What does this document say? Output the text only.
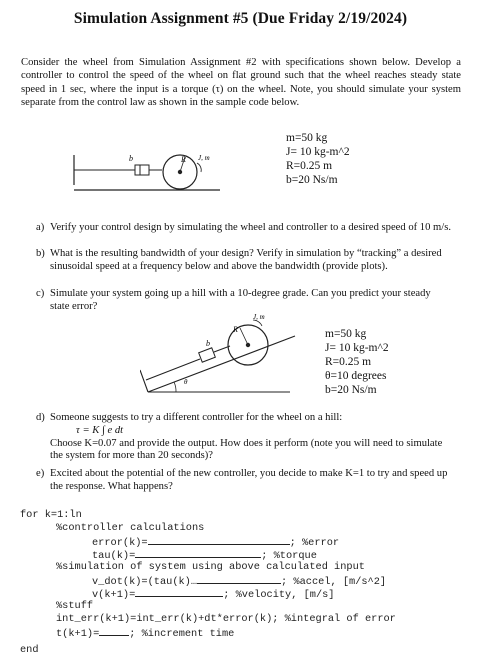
Simulation Assignment #5 (Due Friday 2/19/2024)
Consider the wheel from Simulation Assignment #2 with specifications shown below. Develop a controller to control the speed of the wheel on flat ground such that the wheel reaches steady state speed in 1 sec, where the input is a torque (τ) on the wheel. Note, you should simulate your system separate from the control law as shown in the sample code below.
b	R J, m
m=50 kg
J= 10 kg-m^2
R=0.25 m
b=20 Ns/m
a) Verify your control design by simulating the wheel and controller to a desired speed of 10 m/s.
b) What is the resulting bandwidth of your design? Verify in simulation by “tracking” a desired sinusoidal speed at a frequency below and above the bandwidth (provide plots).
c) Simulate your system going up a hill with a 10-degree grade. Can you predict your steady state error?
b
R
J, m
θ
m=50 kg
J= 10 kg-m^2
R=0.25 m
θ=10 degrees
b=20 Ns/m
d) Someone suggests to try a different controller for the wheel on a hill:
τ = K ∫ e dt
Choose K=0.07 and provide the output. How does it perform (note you will need to simulate the system for more than 20 seconds)?
e) Excited about the potential of the new controller, you decide to make K=1 to try and speed up the response. What happens?
for k=1:ln
%controller calculations
error(k)=	; %error
tau(k)=	; %torque
%simulation of system using above calculated input
v_dot(k)=(tau(k)…	; %accel, [m/s^2]
v(k+1)=	; %velocity, [m/s]
%stuff
int_err(k+1)=int_err(k)+dt*error(k); %integral of error
t(k+1)=	; %increment time
end
